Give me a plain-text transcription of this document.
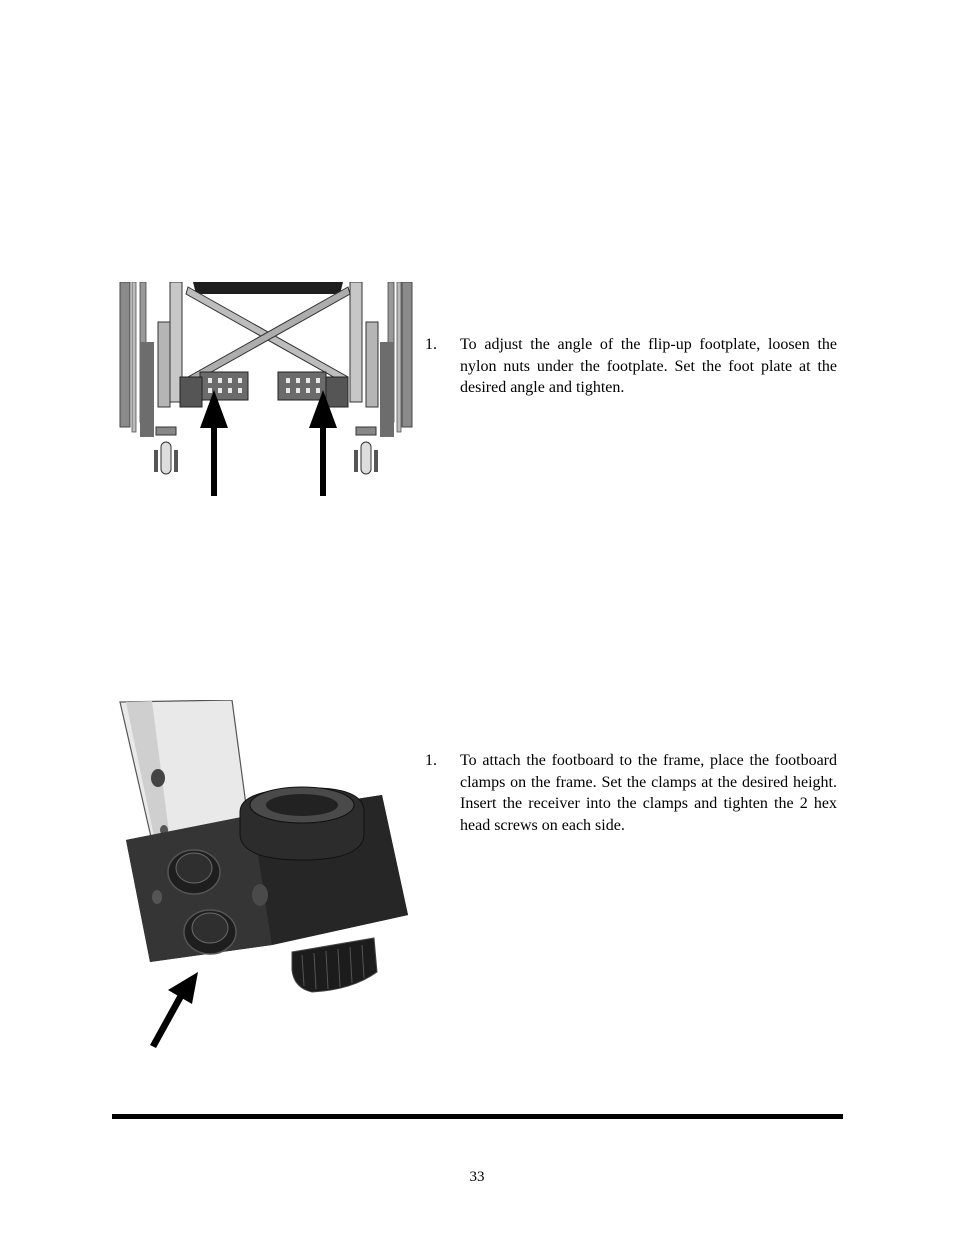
1. To adjust the angle of the flip-up footplate, loosen the nylon nuts under the footplate. Set the foot plate at the desired angle and tighten.
1. To attach the footboard to the frame, place the footboard clamps on the frame. Set the clamps at the desired height. Insert the receiver into the clamps and tighten the 2 hex head screws on each side.
33
